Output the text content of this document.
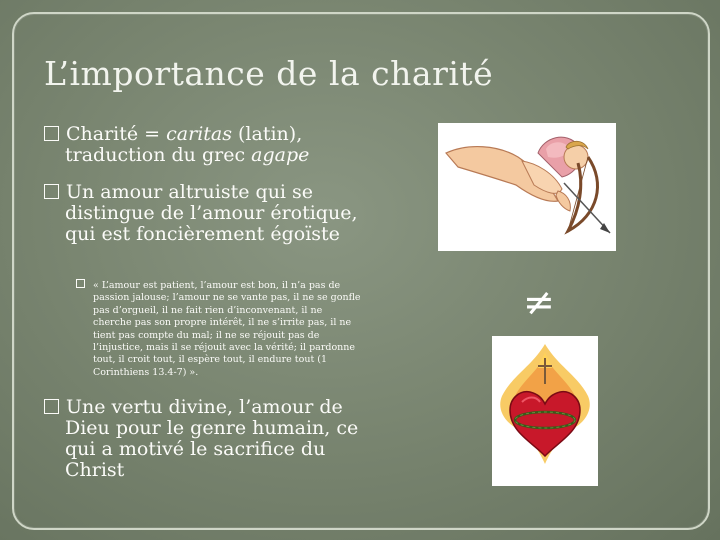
L’importance de la charité
Charité = caritas (latin), traduction du grec agape
Un amour altruiste qui se distingue de l’amour érotique, qui est foncièrement égoïste
« L’amour est patient, l’amour est bon, il n’a pas de passion jalouse; l’amour ne se vante pas, il ne se gonfle pas d’orgueil, il ne fait rien d’inconvenant, il ne cherche pas son propre intérêt, il ne s’irrite pas, il ne tient pas compte du mal; il ne se réjouit pas de l’injustice, mais il se réjouit avec la vérité; il pardonne tout, il croit tout, il espère tout, il endure tout (1 Corinthiens 13.4-7) ».
Une vertu divine, l’amour de Dieu pour le genre humain, ce qui a motivé le sacrifice du Christ
≠
